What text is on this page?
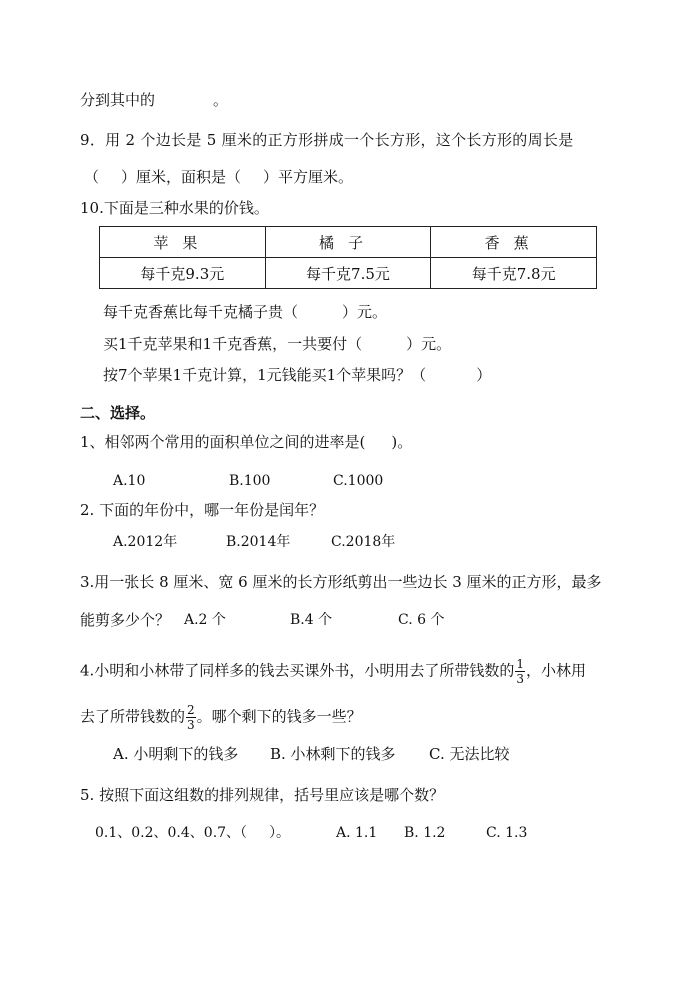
分到其中的	。
9．用 2 个边长是 5 厘米的正方形拼成一个长方形，这个长方形的周长是
（ ）厘米，面积是（ ）平方厘米。
10.下面是三种水果的价钱。
苹果	橘子	香蕉
每千克9.3元	每千克7.5元	每千克7.8元
每千克香蕉比每千克橘子贵（	）元。
买1千克苹果和1千克香蕉，一共要付（	）元。
按7个苹果1千克计算，1元钱能买1个苹果吗？（	）
二、选择。
1、相邻两个常用的面积单位之间的进率是( )。
A.10	B.100	C.1000
2. 下面的年份中，哪一年份是闰年？
A.2012年	B.2014年	C.2018年
3.用一张长 8 厘米、宽 6 厘米的长方形纸剪出一些边长 3 厘米的正方形，最多
能剪多少个？ A.2 个	B.4 个	C. 6 个
4.小明和小林带了同样多的钱去买课外书，小明用去了所带钱数的 $\frac{1}{3}$ ，小林用
去了所带钱数的 $\frac{2}{3}$ 。哪个剩下的钱多一些？
A. 小明剩下的钱多 B. 小林剩下的钱多 C. 无法比较
5. 按照下面这组数的排列规律，括号里应该是哪个数？
0.1、0.2、0.4、0.7、（ ）。	A. 1.1 B. 1.2	C. 1.3
